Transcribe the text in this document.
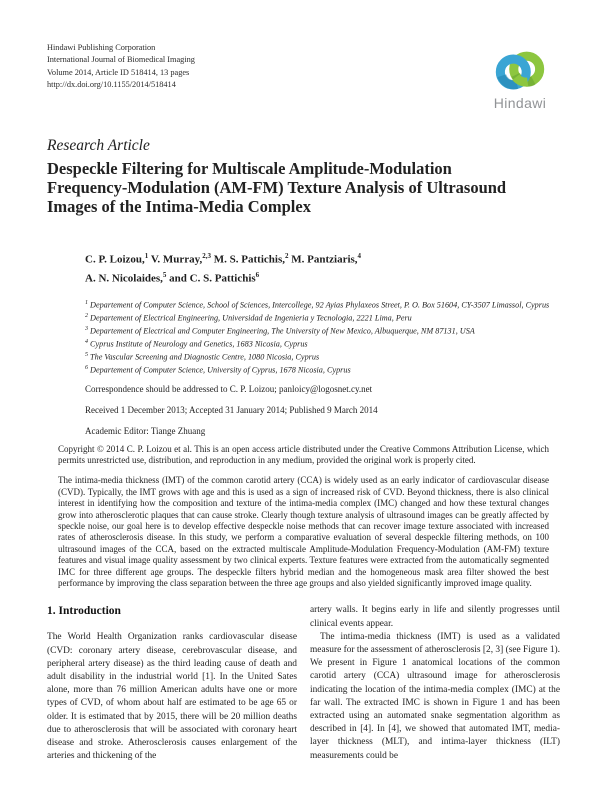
Hindawi Publishing Corporation
International Journal of Biomedical Imaging
Volume 2014, Article ID 518414, 13 pages
http://dx.doi.org/10.1155/2014/518414
Hindawi
Research Article
Despeckle Filtering for Multiscale Amplitude-Modulation
Frequency-Modulation (AM-FM) Texture Analysis of Ultrasound
Images of the Intima-Media Complex
C. P. Loizou,$^1$ V. Murray,$^{2,3}$ M. S. Pattichis,$^2$ M. Pantziaris,$^4$
A. N. Nicolaides,$^5$ and C. S. Pattichis$^6$
$^1$ Departement of Computer Science, School of Sciences, Intercollege, 92 Ayias Phylaxeos Street, P. O. Box 51604, CY-3507 Limassol, Cyprus
$^2$ Departement of Electrical Engineering, Universidad de Ingenieria y Tecnologia, 2221 Lima, Peru
$^3$ Departement of Electrical and Computer Engineering, The University of New Mexico, Albuquerque, NM 87131, USA
$^4$ Cyprus Institute of Neurology and Genetics, 1683 Nicosia, Cyprus
$^5$ The Vascular Screening and Diagnostic Centre, 1080 Nicosia, Cyprus
$^6$ Departement of Computer Science, University of Cyprus, 1678 Nicosia, Cyprus
Correspondence should be addressed to C. P. Loizou; panloicy@logosnet.cy.net
Received 1 December 2013; Accepted 31 January 2014; Published 9 March 2014
Academic Editor: Tiange Zhuang
Copyright © 2014 C. P. Loizou et al. This is an open access article distributed under the Creative Commons Attribution License, which permits unrestricted use, distribution, and reproduction in any medium, provided the original work is properly cited.
The intima-media thickness (IMT) of the common carotid artery (CCA) is widely used as an early indicator of cardiovascular disease (CVD). Typically, the IMT grows with age and this is used as a sign of increased risk of CVD. Beyond thickness, there is also clinical interest in identifying how the composition and texture of the intima-media complex (IMC) changed and how these textural changes grow into atherosclerotic plaques that can cause stroke. Clearly though texture analysis of ultrasound images can be greatly affected by speckle noise, our goal here is to develop effective despeckle noise methods that can recover image texture associated with increased rates of atherosclerosis disease. In this study, we perform a comparative evaluation of several despeckle filtering methods, on 100 ultrasound images of the CCA, based on the extracted multiscale Amplitude-Modulation Frequency-Modulation (AM-FM) texture features and visual image quality assessment by two clinical experts. Texture features were extracted from the automatically segmented IMC for three different age groups. The despeckle filters hybrid median and the homogeneous mask area filter showed the best performance by improving the class separation between the three age groups and also yielded significantly improved image quality.
1. Introduction

The World Health Organization ranks cardiovascular disease (CVD: coronary artery disease, cerebrovascular disease, and peripheral artery disease) as the third leading cause of death and adult disability in the industrial world [1]. In the United Sates alone, more than 76 million American adults have one or more types of CVD, of whom about half are estimated to be age 65 or older. It is estimated that by 2015, there will be 20 million deaths due to atherosclerosis that will be associated with coronary heart disease and stroke. Atherosclerosis causes enlargement of the arteries and thickening of the

artery walls. It begins early in life and silently progresses until clinical events appear.

The intima-media thickness (IMT) is used as a validated measure for the assessment of atherosclerosis [2, 3] (see Figure 1). We present in Figure 1 anatomical locations of the common carotid artery (CCA) ultrasound image for atherosclerosis indicating the location of the intima-media complex (IMC) at the far wall. The extracted IMC is shown in Figure 1 and has been extracted using an automated snake segmentation algorithm as described in [4]. In [4], we showed that automated IMT, media-layer thickness (MLT), and intima-layer thickness (ILT) measurements could be
